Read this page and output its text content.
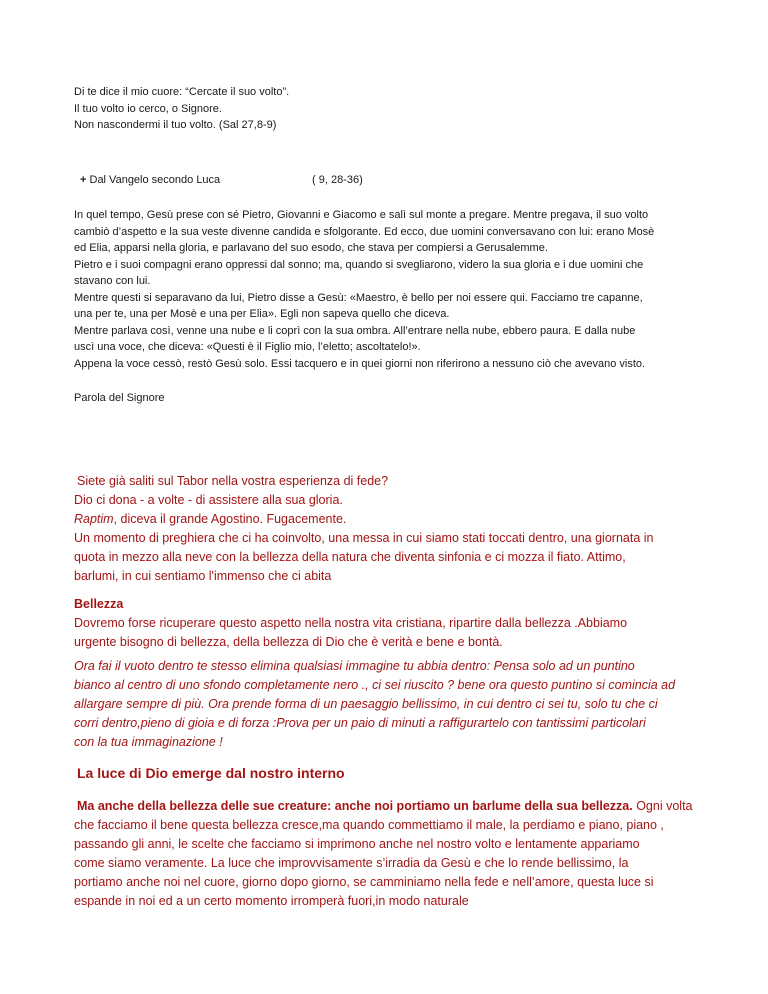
Di te dice il mio cuore: “Cercate il suo volto”.
Il tuo volto io cerco, o Signore.
Non nascondermi il tuo volto. (Sal 27,8-9)
+ Dal Vangelo secondo Luca	( 9, 28-36)
In quel tempo, Gesù prese con sé Pietro, Giovanni e Giacomo e salì sul monte a pregare. Mentre pregava, il suo volto
cambiò d’aspetto e la sua veste divenne candida e sfolgorante. Ed ecco, due uomini conversavano con lui: erano Mosè
ed Elia, apparsi nella gloria, e parlavano del suo esodo, che stava per compiersi a Gerusalemme.
Pietro e i suoi compagni erano oppressi dal sonno; ma, quando si svegliarono, videro la sua gloria e i due uomini che
stavano con lui.
Mentre questi si separavano da lui, Pietro disse a Gesù: «Maestro, è bello per noi essere qui. Facciamo tre capanne,
una per te, una per Mosè e una per Elia». Egli non sapeva quello che diceva.
Mentre parlava così, venne una nube e li coprì con la sua ombra. All’entrare nella nube, ebbero paura. E dalla nube
uscì una voce, che diceva: «Questi è il Figlio mio, l’eletto; ascoltatelo!».
Appena la voce cessò, restò Gesù solo. Essi tacquero e in quei giorni non riferirono a nessuno ciò che avevano visto.
Parola del Signore
Siete già saliti sul Tabor nella vostra esperienza di fede?
Dio ci dona - a volte - di assistere alla sua gloria.
Raptim, diceva il grande Agostino. Fugacemente.
Un momento di preghiera che ci ha coinvolto, una messa in cui siamo stati toccati dentro, una giornata in
quota in mezzo alla neve con la bellezza della natura che diventa sinfonia e ci mozza il fiato. Attimo,
barlumi, in cui sentiamo l'immenso che ci abita
Bellezza
Dovremo forse ricuperare questo aspetto nella nostra vita cristiana, ripartire dalla bellezza .Abbiamo
urgente bisogno di bellezza, della bellezza di Dio che è verità e bene e bontà.
Ora fai il vuoto dentro te stesso elimina qualsiasi immagine tu abbia dentro: Pensa solo ad un puntino
bianco al centro di uno sfondo completamente nero ., ci sei riuscito ? bene ora questo puntino si comincia ad
allargare sempre di più. Ora prende forma di un paesaggio bellissimo, in cui dentro ci sei tu, solo tu che ci
corri dentro,pieno di gioia e di forza :Prova per un paio di minuti a raffigurartelo con tantissimi particolari
con la tua immaginazione !
La luce di Dio emerge dal nostro interno
Ma anche della bellezza delle sue creature: anche noi portiamo un barlume della sua bellezza. Ogni volta
che facciamo il bene questa bellezza cresce,ma quando commettiamo il male, la perdiamo e piano, piano ,
passando gli anni, le scelte che facciamo si imprimono anche nel nostro volto e lentamente appariamo
come siamo veramente. La luce che improvvisamente s’irradia da Gesù e che lo rende bellissimo, la
portiamo anche noi nel cuore, giorno dopo giorno, se camminiamo nella fede e nell’amore, questa luce si
espande in noi ed a un certo momento irromperà fuori,in modo naturale
